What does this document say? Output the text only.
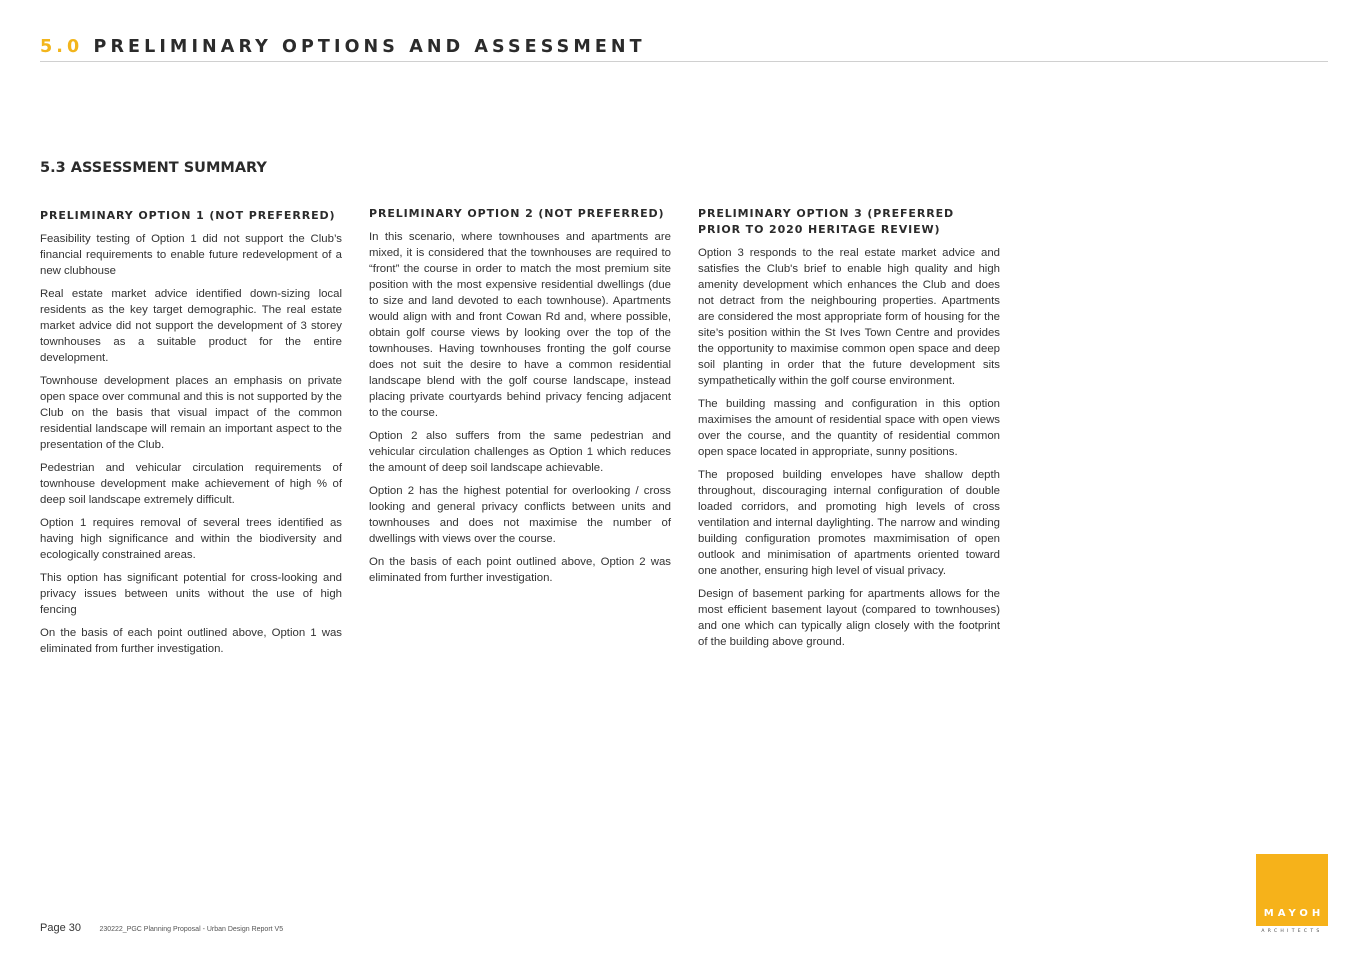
5.0 PRELIMINARY OPTIONS AND ASSESSMENT
5.3 ASSESSMENT SUMMARY
PRELIMINARY OPTION 1 (NOT PREFERRED)

Feasibility testing of Option 1 did not support the Club’s financial requirements to enable future redevelopment of a new clubhouse

Real estate market advice identified down-sizing local residents as the key target demographic. The real estate market advice did not support the development of 3 storey townhouses as a suitable product for the entire development.

Townhouse development places an emphasis on private open space over communal and this is not supported by the Club on the basis that visual impact of the common residential landscape will remain an important aspect to the presentation of the Club.

Pedestrian and vehicular circulation requirements of townhouse development make achievement of high % of deep soil landscape extremely difficult.

Option 1 requires removal of several trees identified as having high significance and within the biodiversity and ecologically constrained areas.

This option has significant potential for cross-looking and privacy issues between units without the use of high fencing

On the basis of each point outlined above, Option 1 was eliminated from further investigation.

PRELIMINARY OPTION 2 (NOT PREFERRED)

In this scenario, where townhouses and apartments are mixed, it is considered that the townhouses are required to “front” the course in order to match the most premium site position with the most expensive residential dwellings (due to size and land devoted to each townhouse). Apartments would align with and front Cowan Rd and, where possible, obtain golf course views by looking over the top of the townhouses. Having townhouses fronting the golf course does not suit the desire to have a common residential landscape blend with the golf course landscape, instead placing private courtyards behind privacy fencing adjacent to the course.

Option 2 also suffers from the same pedestrian and vehicular circulation challenges as Option 1 which reduces the amount of deep soil landscape achievable.

Option 2 has the highest potential for overlooking / cross looking and general privacy conflicts between units and townhouses and does not maximise the number of dwellings with views over the course.

On the basis of each point outlined above, Option 2 was eliminated from further investigation.

PRELIMINARY OPTION 3 (PREFERRED PRIOR TO 2020 HERITAGE REVIEW)

Option 3 responds to the real estate market advice and satisfies the Club's brief to enable high quality and high amenity development which enhances the Club and does not detract from the neighbouring properties. Apartments are considered the most appropriate form of housing for the site’s position within the St Ives Town Centre and provides the opportunity to maximise common open space and deep soil planting in order that the future development sits sympathetically within the golf course environment.

The building massing and configuration in this option maximises the amount of residential space with open views over the course, and the quantity of residential common open space located in appropriate, sunny positions.

The proposed building envelopes have shallow depth throughout, discouraging internal configuration of double loaded corridors, and promoting high levels of cross ventilation and internal daylighting. The narrow and winding building configuration promotes maxmimisation of open outlook and minimisation of apartments oriented toward one another, ensuring high level of visual privacy.

Design of basement parking for apartments allows for the most efficient basement layout (compared to townhouses) and one which can typically align closely with the footprint of the building above ground.

Page 30	230222_PGC Planning Proposal - Urban Design Report V5
MAYOH
ARCHITECTS
